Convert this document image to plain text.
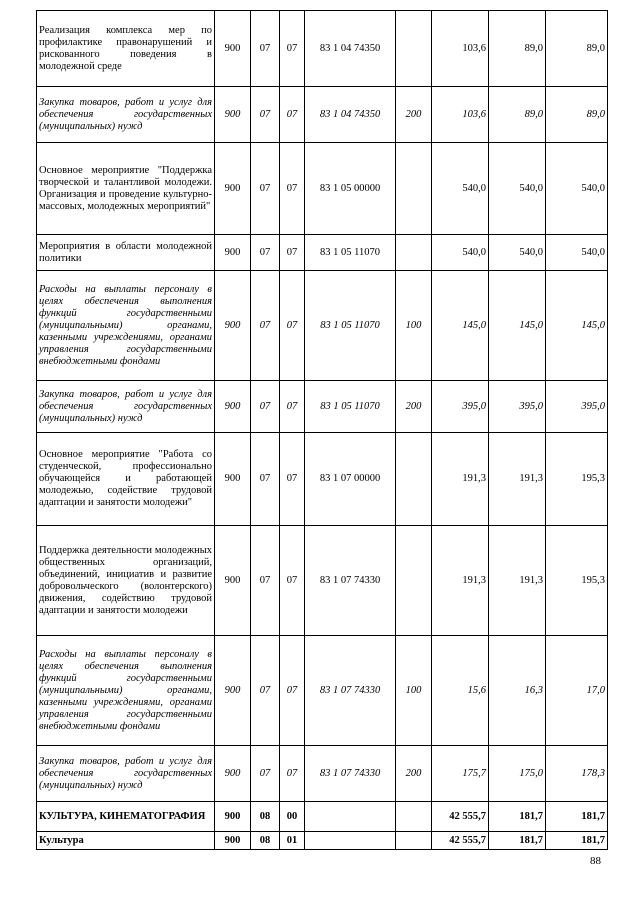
Реализация комплекса мер по профилактике правонарушений и рискованного поведения в молодежной среде	900	07	07	83 1 04 74350		103,6	89,0	89,0
Закупка товаров, работ и услуг для обеспечения государственных (муниципальных) нужд	900	07	07	83 1 04 74350	200	103,6	89,0	89,0
Основное мероприятие "Поддержка творческой и талантливой молодежи. Организация и проведение культурно-массовых, молодежных мероприятий"	900	07	07	83 1 05 00000		540,0	540,0	540,0
Мероприятия в области молодежной политики	900	07	07	83 1 05 11070		540,0	540,0	540,0
Расходы на выплаты персоналу в целях обеспечения выполнения функций государственными (муниципальными) органами, казенными учреждениями, органами управления государственными внебюджетными фондами	900	07	07	83 1 05 11070	100	145,0	145,0	145,0
Закупка товаров, работ и услуг для обеспечения государственных (муниципальных) нужд	900	07	07	83 1 05 11070	200	395,0	395,0	395,0
Основное мероприятие "Работа со студенческой, профессионально обучающейся и работающей молодежью, содействие трудовой адаптации и занятости молодежи"	900	07	07	83 1 07 00000		191,3	191,3	195,3
Поддержка деятельности молодежных общественных организаций, объединений, инициатив и развитие добровольческого (волонтерского) движения, содействию трудовой адаптации и занятости молодежи	900	07	07	83 1 07 74330		191,3	191,3	195,3
Расходы на выплаты персоналу в целях обеспечения выполнения функций государственными (муниципальными) органами, казенными учреждениями, органами управления государственными внебюджетными фондами	900	07	07	83 1 07 74330	100	15,6	16,3	17,0
Закупка товаров, работ и услуг для обеспечения государственных (муниципальных) нужд	900	07	07	83 1 07 74330	200	175,7	175,0	178,3
КУЛЬТУРА, КИНЕМАТОГРАФИЯ	900	08	00			42 555,7	181,7	181,7
Культура	900	08	01			42 555,7	181,7	181,7
88
